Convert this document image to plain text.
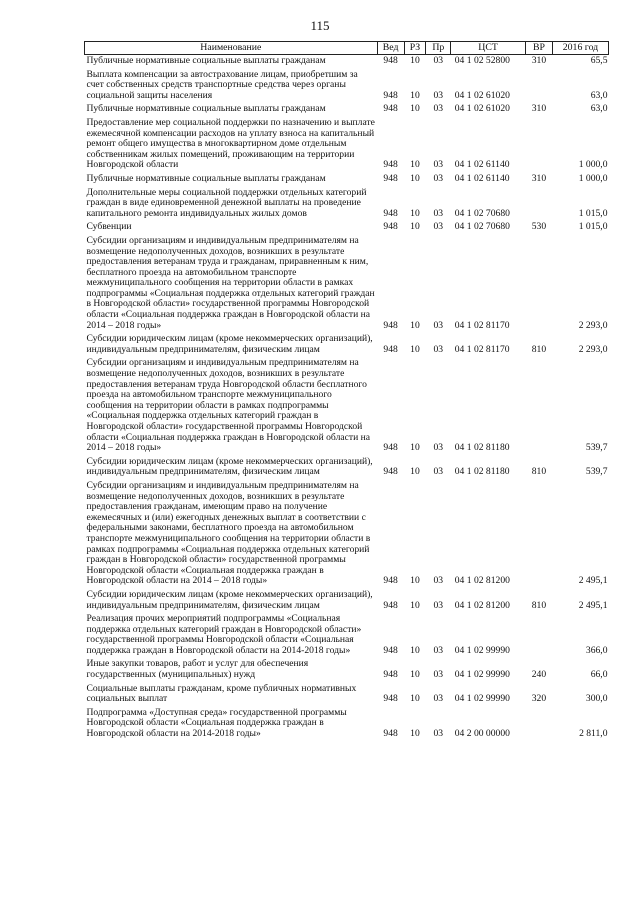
115
Наименование	Вед	РЗ	Пр	ЦСТ	ВР	2016 год
Публичные нормативные социальные выплаты гражданам	948	10	03	04 1 02 52800	310	65,5
Выплата компенсации за автострахование лицам, приобретшим за счет собственных средств транспортные средства через органы социальной защиты населения	948	10	03	04 1 02 61020		63,0
Публичные нормативные социальные выплаты гражданам	948	10	03	04 1 02 61020	310	63,0
Предоставление мер социальной поддержки по назначению и выплате ежемесячной компенсации расходов на уплату взноса на капитальный ремонт общего имущества в многоквартирном доме отдельным собственникам жилых помещений, проживающим на территории Новгородской области	948	10	03	04 1 02 61140		1 000,0
Публичные нормативные социальные выплаты гражданам	948	10	03	04 1 02 61140	310	1 000,0
Дополнительные меры социальной поддержки отдельных категорий граждан в виде единовременной денежной выплаты на проведение капитального ремонта индивидуальных жилых домов	948	10	03	04 1 02 70680		1 015,0
Субвенции	948	10	03	04 1 02 70680	530	1 015,0
Субсидии организациям и индивидуальным предпринимателям на возмещение недополученных доходов, возникших в результате предоставления ветеранам труда и гражданам, приравненным к ним, бесплатного проезда на автомобильном транспорте межмуниципального сообщения на территории области в рамках подпрограммы «Социальная поддержка отдельных категорий граждан в Новгородской области» государственной программы Новгородской области «Социальная поддержка граждан в Новгородской области на 2014 – 2018 годы»	948	10	03	04 1 02 81170		2 293,0
Субсидии юридическим лицам (кроме некоммерческих организаций), индивидуальным предпринимателям, физическим лицам	948	10	03	04 1 02 81170	810	2 293,0
Субсидии организациям и индивидуальным предпринимателям на возмещение недополученных доходов, возникших в результате предоставления ветеранам труда Новгородской области бесплатного проезда на автомобильном транспорте межмуниципального сообщения на территории области в рамках подпрограммы «Социальная поддержка отдельных категорий граждан в Новгородской области» государственной программы Новгородской области «Социальная поддержка граждан в Новгородской области на 2014 – 2018 годы»	948	10	03	04 1 02 81180		539,7
Субсидии юридическим лицам (кроме некоммерческих организаций), индивидуальным предпринимателям, физическим лицам	948	10	03	04 1 02 81180	810	539,7
Субсидии организациям и индивидуальным предпринимателям на возмещение недополученных доходов, возникших в результате предоставления гражданам, имеющим право на получение ежемесячных и (или) ежегодных денежных выплат в соответствии с федеральными законами, бесплатного проезда на автомобильном транспорте межмуниципального сообщения на территории области в рамках подпрограммы «Социальная поддержка отдельных категорий граждан в Новгородской области» государственной программы Новгородской области «Социальная поддержка граждан в Новгородской области на 2014 – 2018 годы»	948	10	03	04 1 02 81200		2 495,1
Субсидии юридическим лицам (кроме некоммерческих организаций), индивидуальным предпринимателям, физическим лицам	948	10	03	04 1 02 81200	810	2 495,1
Реализация прочих мероприятий подпрограммы «Социальная поддержка отдельных категорий граждан в Новгородской области» государственной программы Новгородской области «Социальная поддержка граждан в Новгородской области на 2014-2018 годы»	948	10	03	04 1 02 99990		366,0
Иные закупки товаров, работ и услуг для обеспечения государственных (муниципальных) нужд	948	10	03	04 1 02 99990	240	66,0
Социальные выплаты гражданам, кроме публичных нормативных социальных выплат	948	10	03	04 1 02 99990	320	300,0
Подпрограмма «Доступная среда» государственной программы Новгородской области «Социальная поддержка граждан в Новгородской области на 2014-2018 годы»	948	10	03	04 2 00 00000		2 811,0
